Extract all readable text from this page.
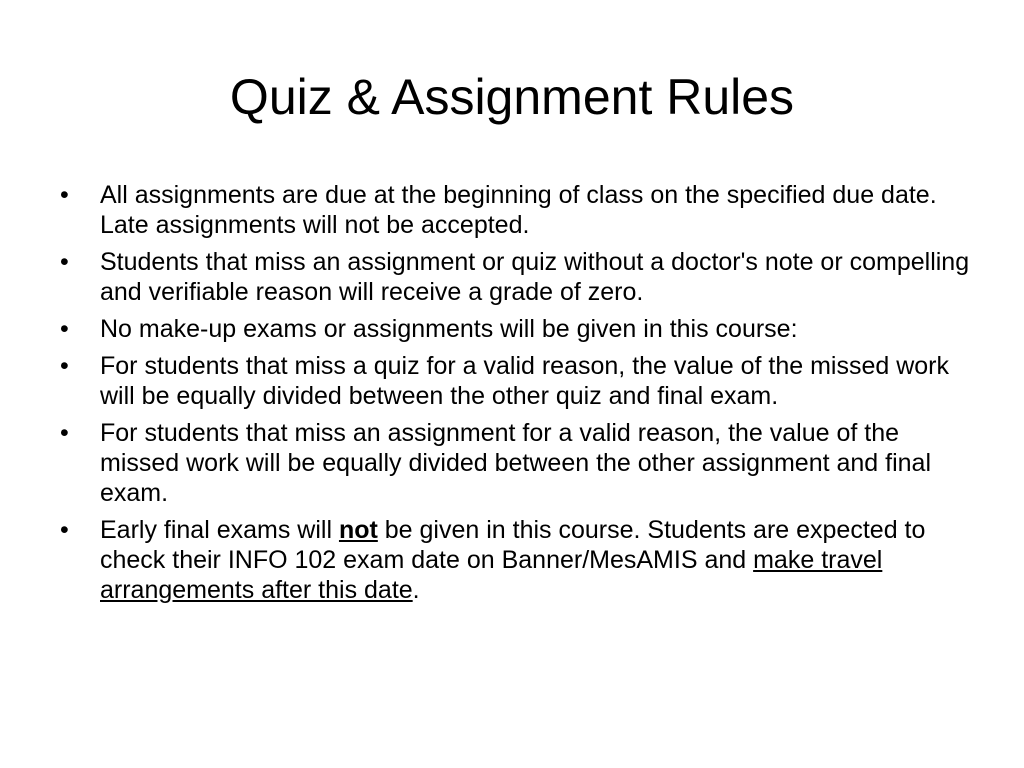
Quiz & Assignment Rules
•	All assignments are due at the beginning of class on the specified due date. Late assignments will not be accepted.
•	Students that miss an assignment or quiz without a doctor's note or compelling and verifiable reason will receive a grade of zero.
•	No make-up exams or assignments will be given in this course:
•	For students that miss a quiz for a valid reason, the value of the missed work will be equally divided between the other quiz and final exam.
•	For students that miss an assignment for a valid reason, the value of the missed work will be equally divided between the other assignment and final exam.
•	Early final exams will not be given in this course. Students are expected to check their INFO 102 exam date on Banner/MesAMIS and make travel arrangements after this date.
